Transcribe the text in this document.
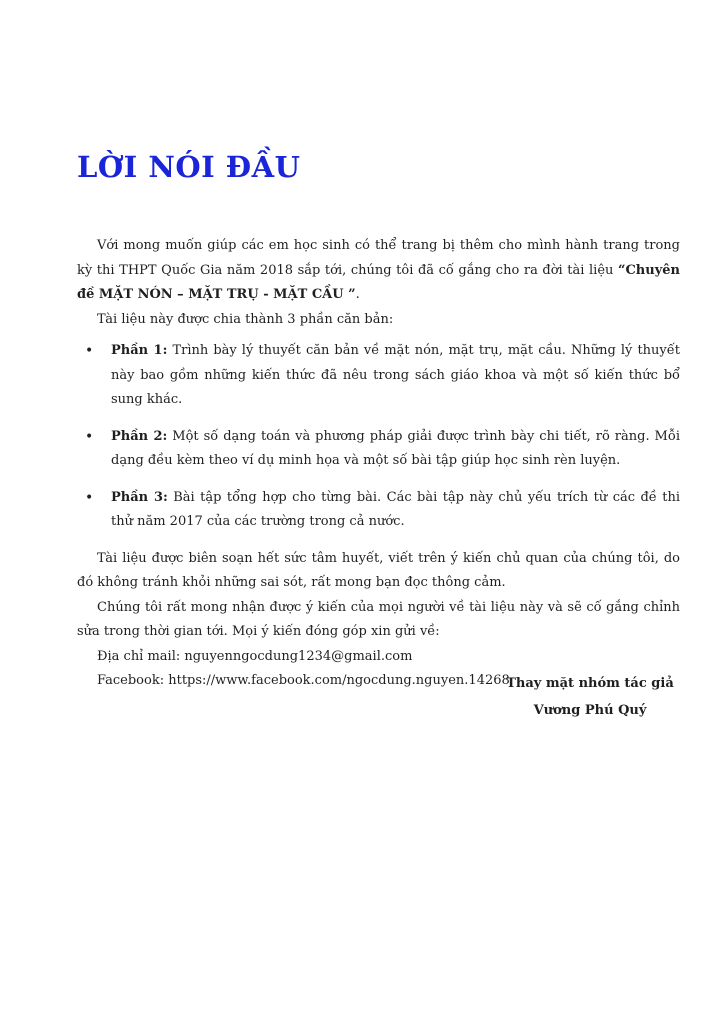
LỜI NÓI ĐẦU

Với mong muốn giúp các em học sinh có thể trang bị thêm cho mình hành trang trong kỳ thi THPT Quốc Gia năm 2018 sắp tới, chúng tôi đã cố gắng cho ra đời tài liệu “Chuyên đề MẶT NÓN – MẶT TRỤ - MẶT CẦU ”.

Tài liệu này được chia thành 3 phần căn bản:

• Phần 1: Trình bày lý thuyết căn bản về mặt nón, mặt trụ, mặt cầu. Những lý thuyết này bao gồm những kiến thức đã nêu trong sách giáo khoa và một số kiến thức bổ sung khác.
• Phần 2: Một số dạng toán và phương pháp giải được trình bày chi tiết, rõ ràng. Mỗi dạng đều kèm theo ví dụ minh họa và một số bài tập giúp học sinh rèn luyện.
• Phần 3: Bài tập tổng hợp cho từng bài. Các bài tập này chủ yếu trích từ các đề thi thử năm 2017 của các trường trong cả nước.

Tài liệu được biên soạn hết sức tâm huyết, viết trên ý kiến chủ quan của chúng tôi, do đó không tránh khỏi những sai sót, rất mong bạn đọc thông cảm.

Chúng tôi rất mong nhận được ý kiến của mọi người về tài liệu này và sẽ cố gắng chỉnh sửa trong thời gian tới. Mọi ý kiến đóng góp xin gửi về:

Địa chỉ mail: nguyenngocdung1234@gmail.com

Facebook: https://www.facebook.com/ngocdung.nguyen.14268

Thay mặt nhóm tác giả
Vương Phú Quý
